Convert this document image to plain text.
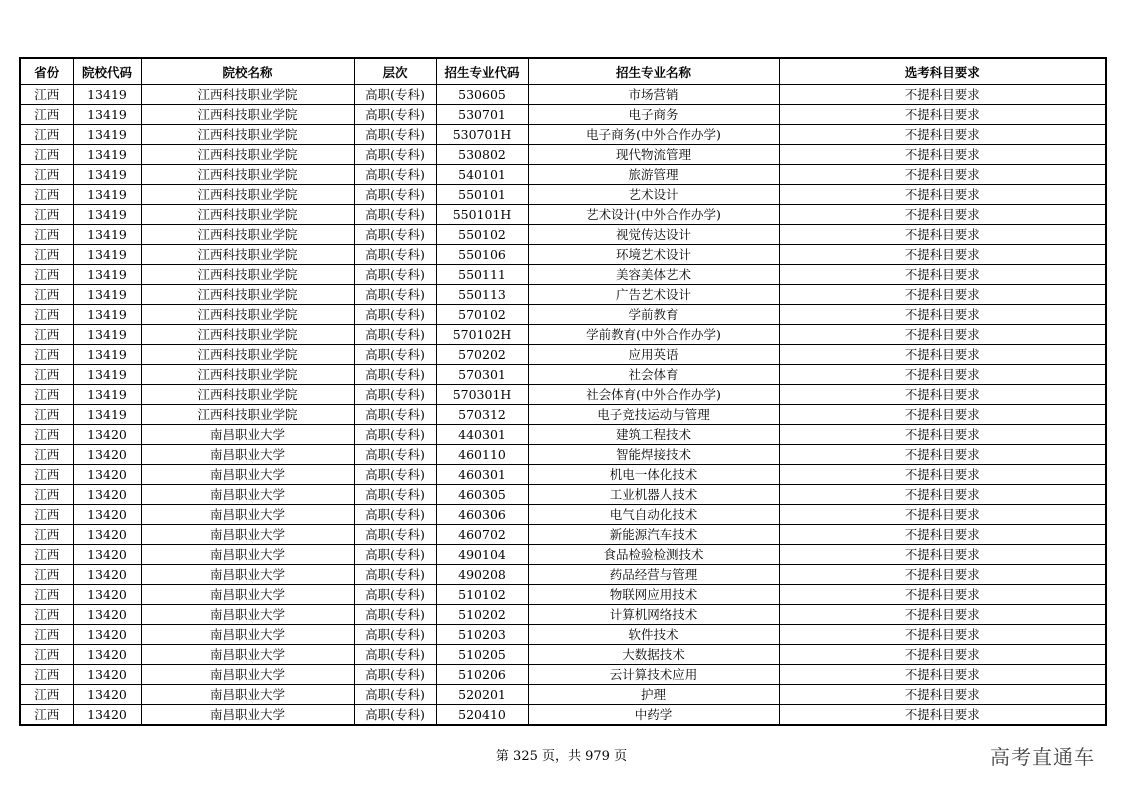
省份	院校代码	院校名称	层次	招生专业代码	招生专业名称	选考科目要求
江西	13419	江西科技职业学院	高职(专科)	530605	市场营销	不提科目要求
江西	13419	江西科技职业学院	高职(专科)	530701	电子商务	不提科目要求
江西	13419	江西科技职业学院	高职(专科)	530701H	电子商务(中外合作办学)	不提科目要求
江西	13419	江西科技职业学院	高职(专科)	530802	现代物流管理	不提科目要求
江西	13419	江西科技职业学院	高职(专科)	540101	旅游管理	不提科目要求
江西	13419	江西科技职业学院	高职(专科)	550101	艺术设计	不提科目要求
江西	13419	江西科技职业学院	高职(专科)	550101H	艺术设计(中外合作办学)	不提科目要求
江西	13419	江西科技职业学院	高职(专科)	550102	视觉传达设计	不提科目要求
江西	13419	江西科技职业学院	高职(专科)	550106	环境艺术设计	不提科目要求
江西	13419	江西科技职业学院	高职(专科)	550111	美容美体艺术	不提科目要求
江西	13419	江西科技职业学院	高职(专科)	550113	广告艺术设计	不提科目要求
江西	13419	江西科技职业学院	高职(专科)	570102	学前教育	不提科目要求
江西	13419	江西科技职业学院	高职(专科)	570102H	学前教育(中外合作办学)	不提科目要求
江西	13419	江西科技职业学院	高职(专科)	570202	应用英语	不提科目要求
江西	13419	江西科技职业学院	高职(专科)	570301	社会体育	不提科目要求
江西	13419	江西科技职业学院	高职(专科)	570301H	社会体育(中外合作办学)	不提科目要求
江西	13419	江西科技职业学院	高职(专科)	570312	电子竞技运动与管理	不提科目要求
江西	13420	南昌职业大学	高职(专科)	440301	建筑工程技术	不提科目要求
江西	13420	南昌职业大学	高职(专科)	460110	智能焊接技术	不提科目要求
江西	13420	南昌职业大学	高职(专科)	460301	机电一体化技术	不提科目要求
江西	13420	南昌职业大学	高职(专科)	460305	工业机器人技术	不提科目要求
江西	13420	南昌职业大学	高职(专科)	460306	电气自动化技术	不提科目要求
江西	13420	南昌职业大学	高职(专科)	460702	新能源汽车技术	不提科目要求
江西	13420	南昌职业大学	高职(专科)	490104	食品检验检测技术	不提科目要求
江西	13420	南昌职业大学	高职(专科)	490208	药品经营与管理	不提科目要求
江西	13420	南昌职业大学	高职(专科)	510102	物联网应用技术	不提科目要求
江西	13420	南昌职业大学	高职(专科)	510202	计算机网络技术	不提科目要求
江西	13420	南昌职业大学	高职(专科)	510203	软件技术	不提科目要求
江西	13420	南昌职业大学	高职(专科)	510205	大数据技术	不提科目要求
江西	13420	南昌职业大学	高职(专科)	510206	云计算技术应用	不提科目要求
江西	13420	南昌职业大学	高职(专科)	520201	护理	不提科目要求
江西	13420	南昌职业大学	高职(专科)	520410	中药学	不提科目要求
第 325 页，共 979 页	高考直通车
